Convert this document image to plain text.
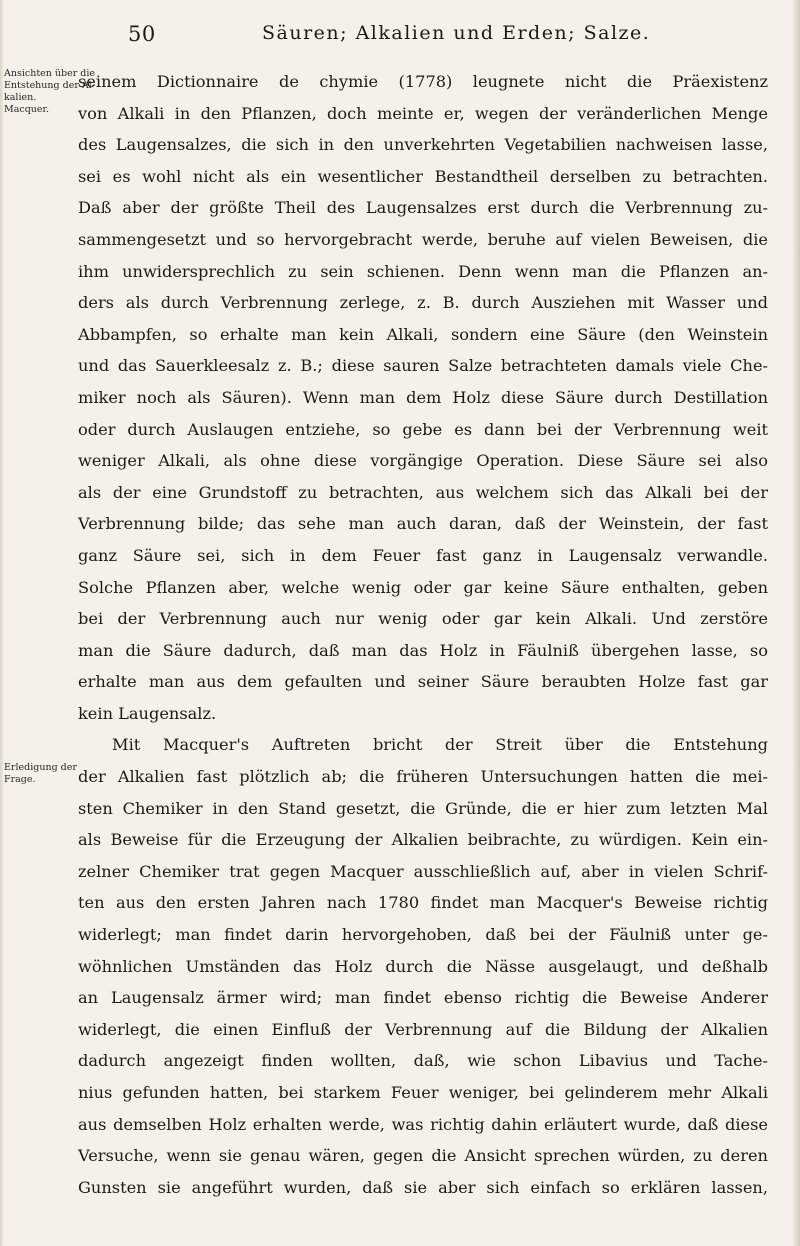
50	Säuren; Alkalien und Erden; Salze.
Ansichten über die
Entstehung der Al-
kalien.
Macquer.
Erledigung der
Frage.
seinem Dictionnaire de chymie (1778) leugnete nicht die Präexistenz
von Alkali in den Pflanzen, doch meinte er, wegen der veränderlichen Menge
des Laugensalzes, die sich in den unverkehrten Vegetabilien nachweisen lasse,
sei es wohl nicht als ein wesentlicher Bestandtheil derselben zu betrachten.
Daß aber der größte Theil des Laugensalzes erst durch die Verbrennung zu-
sammengesetzt und so hervorgebracht werde, beruhe auf vielen Beweisen, die
ihm unwidersprechlich zu sein schienen. Denn wenn man die Pflanzen an-
ders als durch Verbrennung zerlege, z. B. durch Ausziehen mit Wasser und
Abbampfen, so erhalte man kein Alkali, sondern eine Säure (den Weinstein
und das Sauerkleesalz z. B.; diese sauren Salze betrachteten damals viele Che-
miker noch als Säuren). Wenn man dem Holz diese Säure durch Destillation
oder durch Auslaugen entziehe, so gebe es dann bei der Verbrennung weit
weniger Alkali, als ohne diese vorgängige Operation. Diese Säure sei also
als der eine Grundstoff zu betrachten, aus welchem sich das Alkali bei der
Verbrennung bilde; das sehe man auch daran, daß der Weinstein, der fast
ganz Säure sei, sich in dem Feuer fast ganz in Laugensalz verwandle.
Solche Pflanzen aber, welche wenig oder gar keine Säure enthalten, geben
bei der Verbrennung auch nur wenig oder gar kein Alkali. Und zerstöre
man die Säure dadurch, daß man das Holz in Fäulniß übergehen lasse, so
erhalte man aus dem gefaulten und seiner Säure beraubten Holze fast gar
kein Laugensalz.
Mit Macquer's Auftreten bricht der Streit über die Entstehung
der Alkalien fast plötzlich ab; die früheren Untersuchungen hatten die mei-
sten Chemiker in den Stand gesetzt, die Gründe, die er hier zum letzten Mal
als Beweise für die Erzeugung der Alkalien beibrachte, zu würdigen. Kein ein-
zelner Chemiker trat gegen Macquer ausschließlich auf, aber in vielen Schrif-
ten aus den ersten Jahren nach 1780 findet man Macquer's Beweise richtig
widerlegt; man findet darin hervorgehoben, daß bei der Fäulniß unter ge-
wöhnlichen Umständen das Holz durch die Nässe ausgelaugt, und deßhalb
an Laugensalz ärmer wird; man findet ebenso richtig die Beweise Anderer
widerlegt, die einen Einfluß der Verbrennung auf die Bildung der Alkalien
dadurch angezeigt finden wollten, daß, wie schon Libavius und Tache-
nius gefunden hatten, bei starkem Feuer weniger, bei gelinderem mehr Alkali
aus demselben Holz erhalten werde, was richtig dahin erläutert wurde, daß diese
Versuche, wenn sie genau wären, gegen die Ansicht sprechen würden, zu deren
Gunsten sie angeführt wurden, daß sie aber sich einfach so erklären lassen,
